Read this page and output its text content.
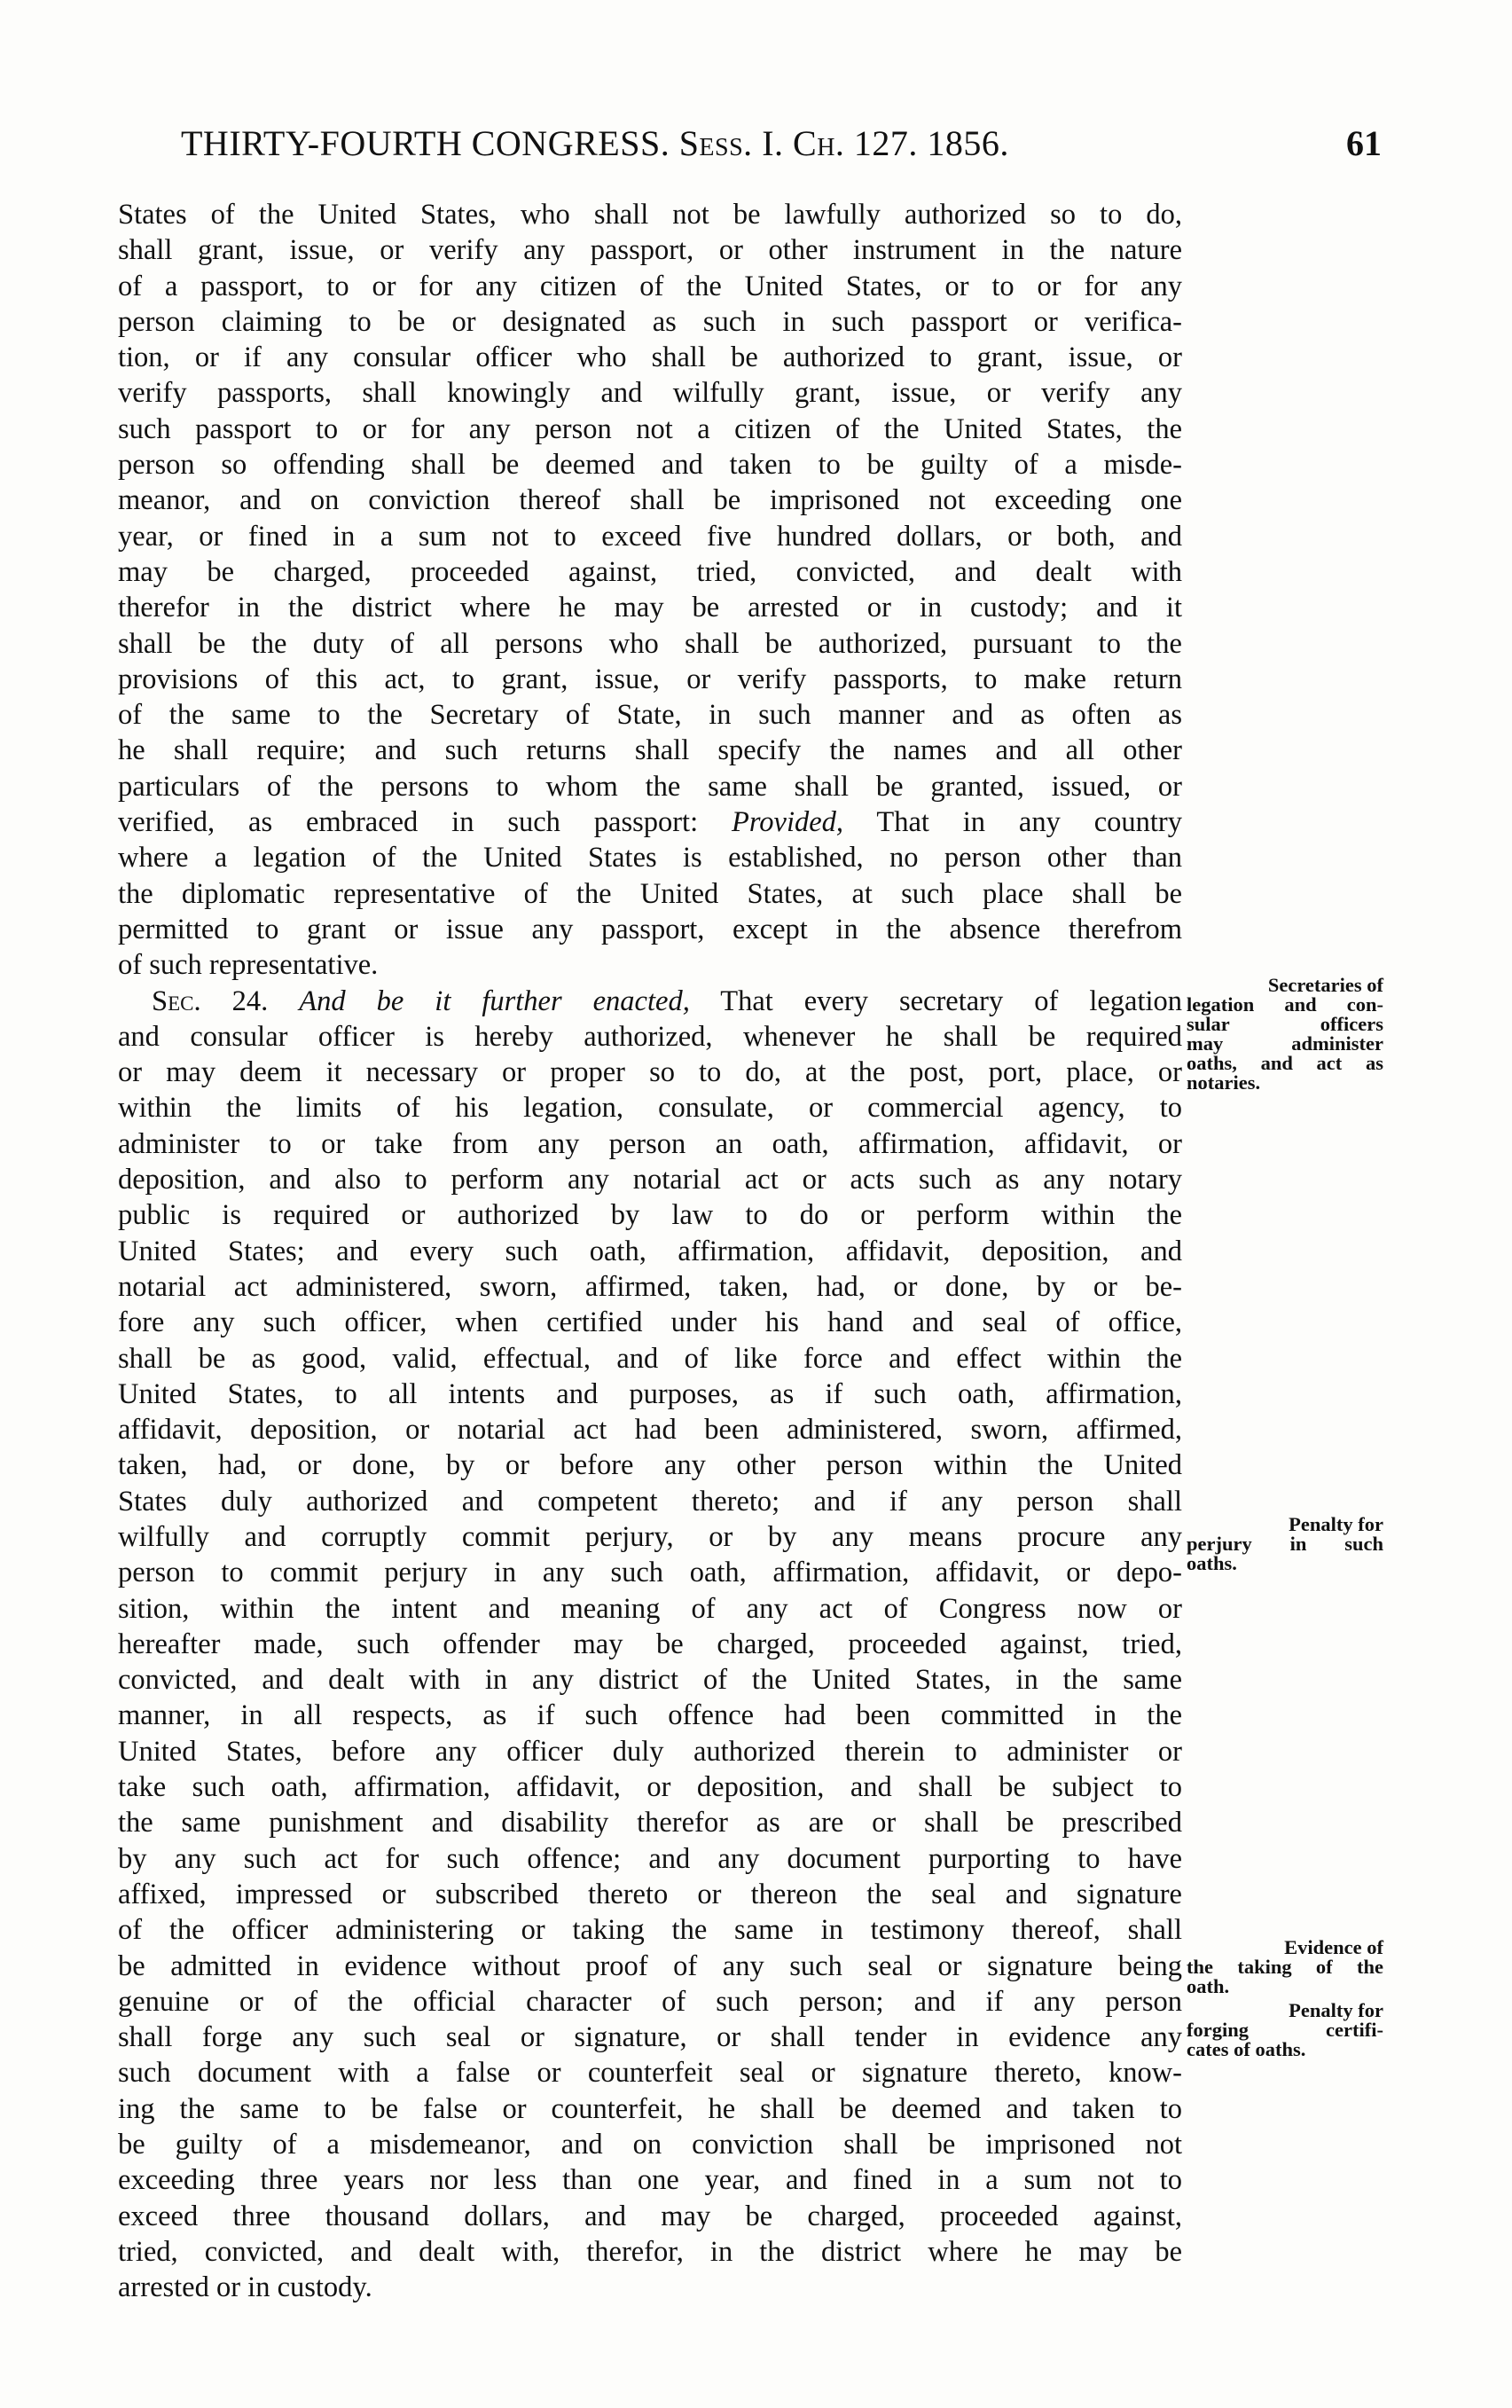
THIRTY-FOURTH CONGRESS. Sess. I. Ch. 127. 1856.	61
States of the United States, who shall not be lawfully authorized so to do,
shall grant, issue, or verify any passport, or other instrument in the nature
of a passport, to or for any citizen of the United States, or to or for any
person claiming to be or designated as such in such passport or verifica-
tion, or if any consular officer who shall be authorized to grant, issue, or
verify passports, shall knowingly and wilfully grant, issue, or verify any
such passport to or for any person not a citizen of the United States, the
person so offending shall be deemed and taken to be guilty of a misde-
meanor, and on conviction thereof shall be imprisoned not exceeding one
year, or fined in a sum not to exceed five hundred dollars, or both, and
may be charged, proceeded against, tried, convicted, and dealt with
therefor in the district where he may be arrested or in custody; and it
shall be the duty of all persons who shall be authorized, pursuant to the
provisions of this act, to grant, issue, or verify passports, to make return
of the same to the Secretary of State, in such manner and as often as
he shall require; and such returns shall specify the names and all other
particulars of the persons to whom the same shall be granted, issued, or
verified, as embraced in such passport: Provided, That in any country
where a legation of the United States is established, no person other than
the diplomatic representative of the United States, at such place shall be
permitted to grant or issue any passport, except in the absence therefrom
of such representative.
Sec. 24. And be it further enacted, That every secretary of legation
and consular officer is hereby authorized, whenever he shall be required
or may deem it necessary or proper so to do, at the post, port, place, or
within the limits of his legation, consulate, or commercial agency, to
administer to or take from any person an oath, affirmation, affidavit, or
deposition, and also to perform any notarial act or acts such as any notary
public is required or authorized by law to do or perform within the
United States; and every such oath, affirmation, affidavit, deposition, and
notarial act administered, sworn, affirmed, taken, had, or done, by or be-
fore any such officer, when certified under his hand and seal of office,
shall be as good, valid, effectual, and of like force and effect within the
United States, to all intents and purposes, as if such oath, affirmation,
affidavit, deposition, or notarial act had been administered, sworn, affirmed,
taken, had, or done, by or before any other person within the United
States duly authorized and competent thereto; and if any person shall
wilfully and corruptly commit perjury, or by any means procure any
person to commit perjury in any such oath, affirmation, affidavit, or depo-
sition, within the intent and meaning of any act of Congress now or
hereafter made, such offender may be charged, proceeded against, tried,
convicted, and dealt with in any district of the United States, in the same
manner, in all respects, as if such offence had been committed in the
United States, before any officer duly authorized therein to administer or
take such oath, affirmation, affidavit, or deposition, and shall be subject to
the same punishment and disability therefor as are or shall be prescribed
by any such act for such offence; and any document purporting to have
affixed, impressed or subscribed thereto or thereon the seal and signature
of the officer administering or taking the same in testimony thereof, shall
be admitted in evidence without proof of any such seal or signature being
genuine or of the official character of such person; and if any person
shall forge any such seal or signature, or shall tender in evidence any
such document with a false or counterfeit seal or signature thereto, know-
ing the same to be false or counterfeit, he shall be deemed and taken to
be guilty of a misdemeanor, and on conviction shall be imprisoned not
exceeding three years nor less than one year, and fined in a sum not to
exceed three thousand dollars, and may be charged, proceeded against,
tried, convicted, and dealt with, therefor, in the district where he may be
arrested or in custody.
Secretaries of
legation and con-
sular officers
may administer
oaths, and act as
notaries.
Penalty for
perjury in such
oaths.
Evidence of
the taking of the
oath.
Penalty for
forging certifi-
cates of oaths.
